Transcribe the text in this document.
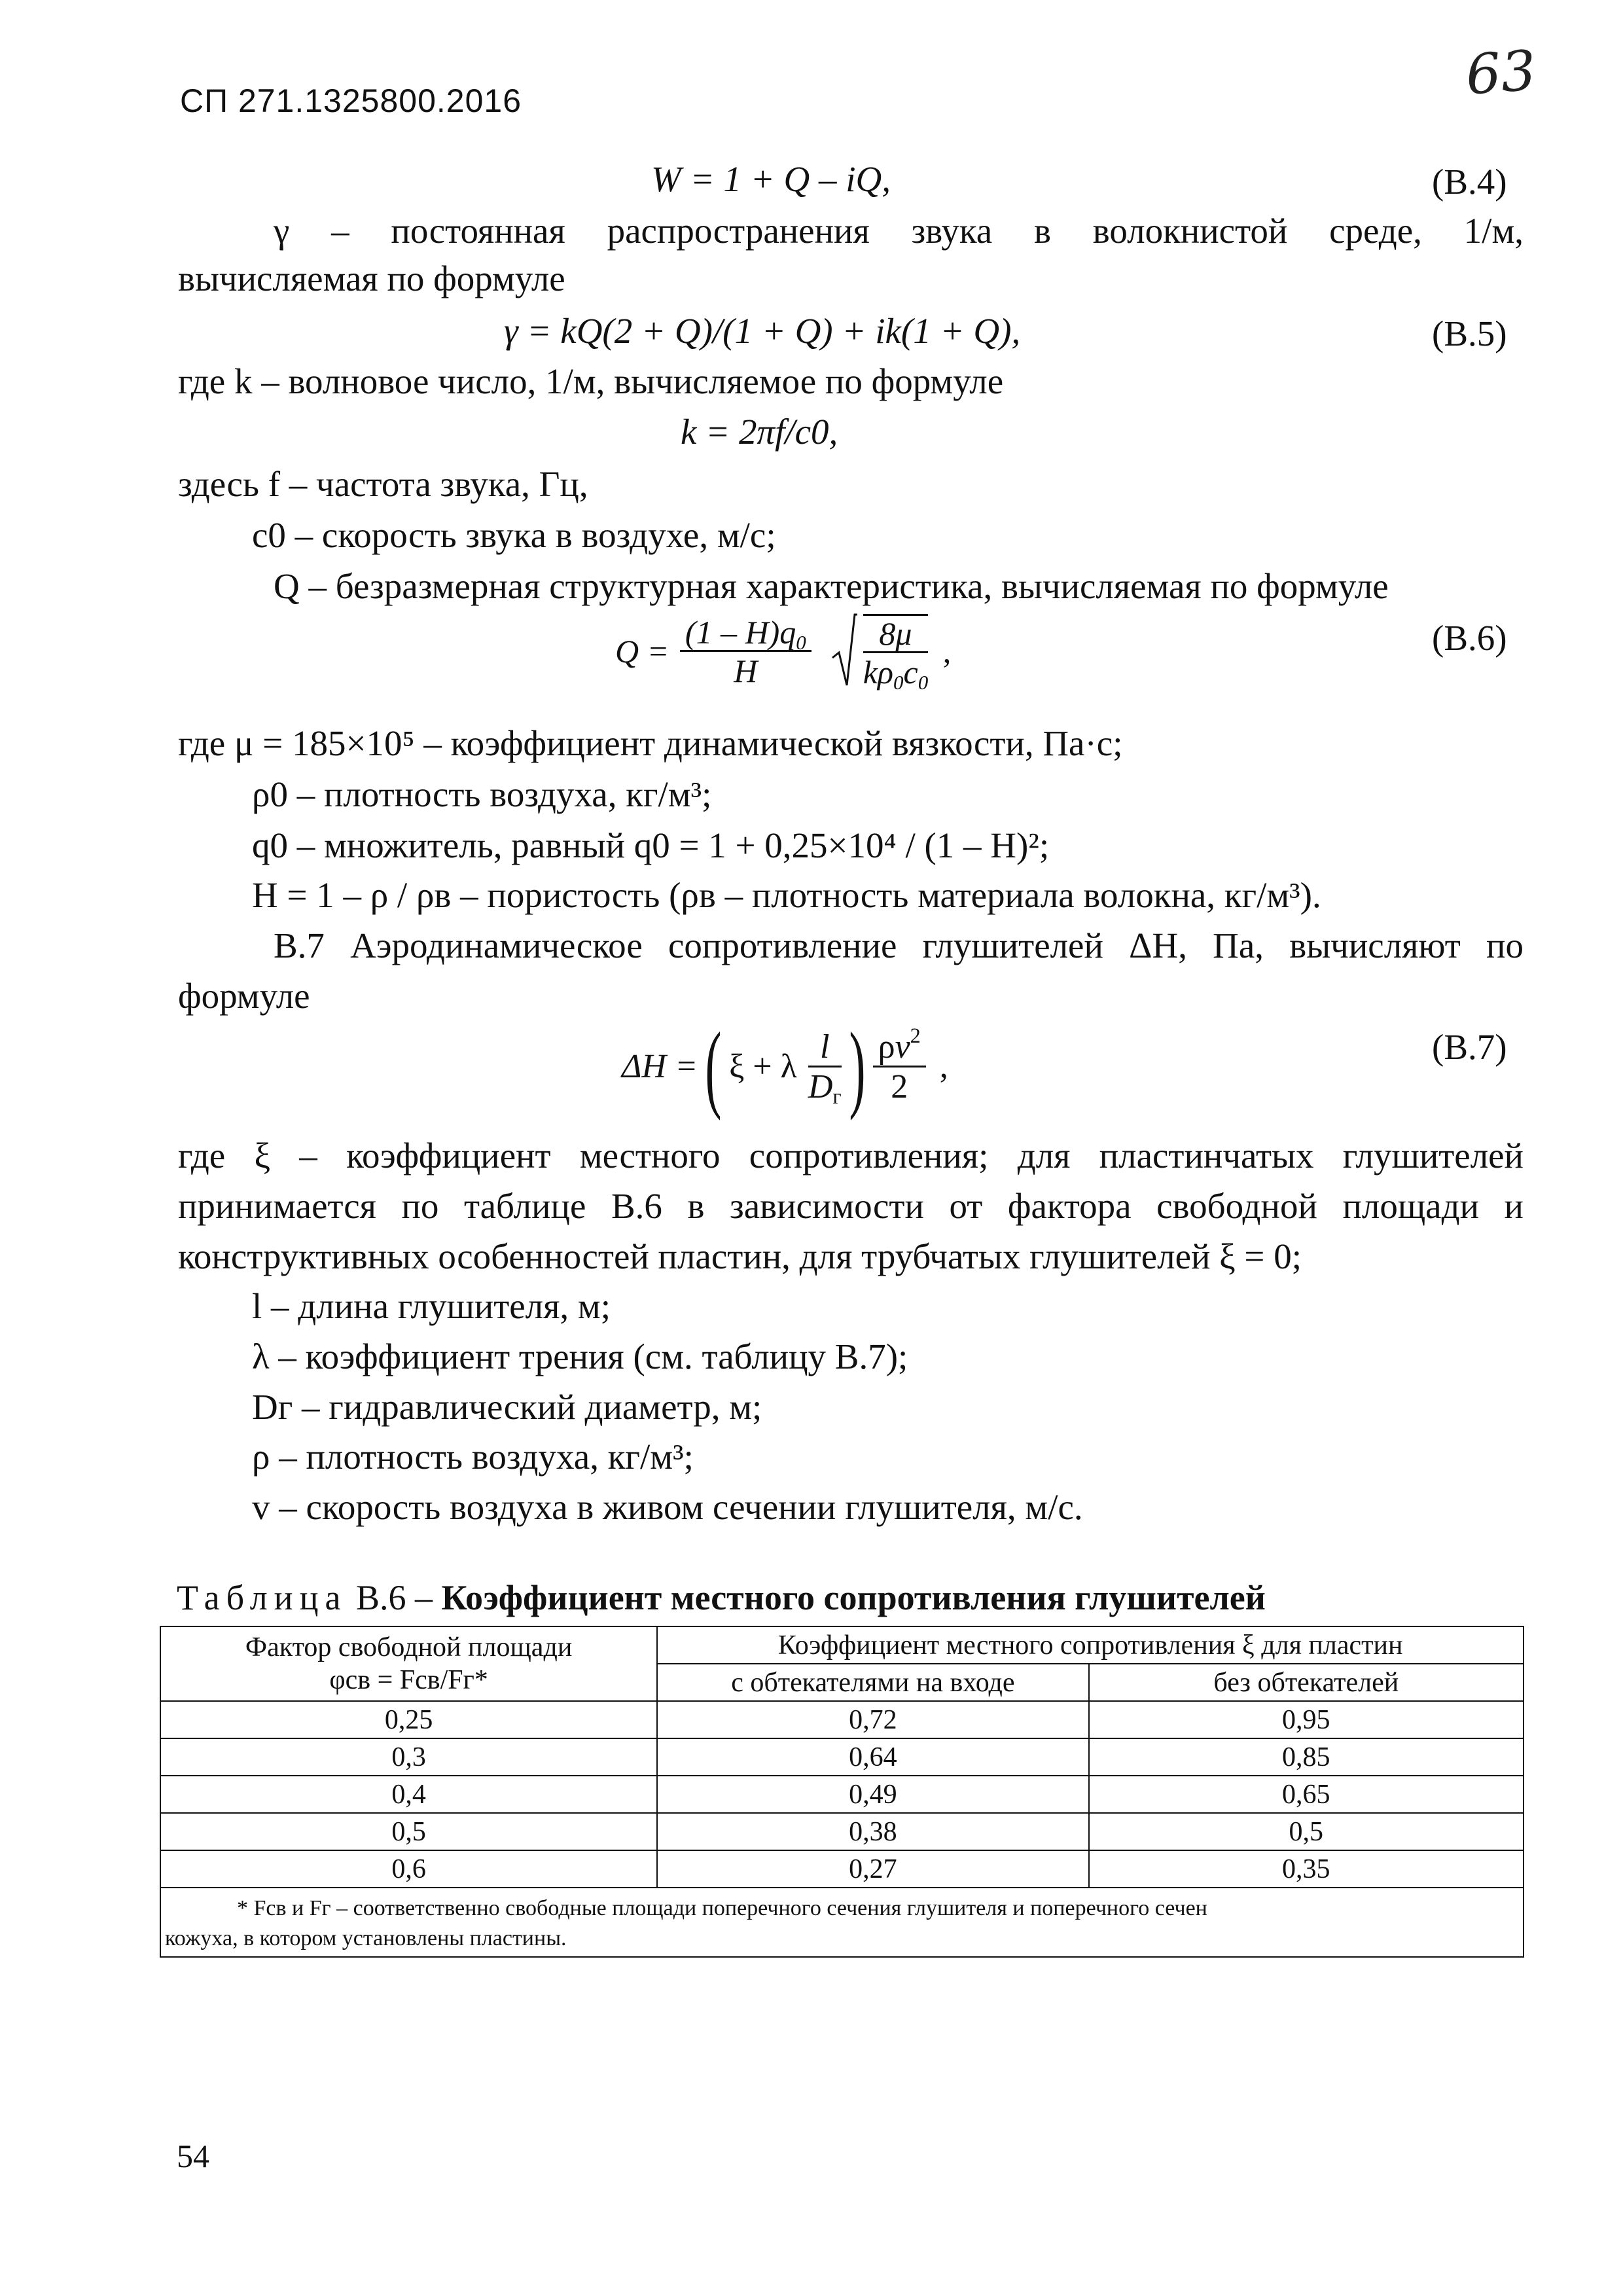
СП 271.1325800.2016	63
W = 1 + Q – iQ,	(В.4)
γ – постоянная распространения звука в волокнистой среде, 1/м,
вычисляемая по формуле
γ = kQ(2 + Q)/(1 + Q) + ik(1 + Q),	(В.5)
где k – волновое число, 1/м, вычисляемое по формуле
k = 2πf/c0,
здесь f – частота звука, Гц,
c0 – скорость звука в воздухе, м/с;
Q – безразмерная структурная характеристика, вычисляемая по формуле
$Q = \frac{(1 - H)q_0}{H}$
$\frac{8\mu}{k\rho_0c_0}$ ,	(В.6)
где μ = 185×10⁵ – коэффициент динамической вязкости, Па·с;
ρ0 – плотность воздуха, кг/м³;
q0 – множитель, равный q0 = 1 + 0,25×10⁴ / (1 – H)²;
H = 1 – ρ / ρв – пористость (ρв – плотность материала волокна, кг/м³).
В.7 Аэродинамическое сопротивление глушителей ΔH, Па, вычисляют по
формуле
ΔH = ( ξ + λ $\frac{l}{D_г}$ ) $\frac{\rho v^2}{2}$ ,	(В.7)
где ξ – коэффициент местного сопротивления; для пластинчатых глушителей
принимается по таблице В.6 в зависимости от фактора свободной площади и
конструктивных особенностей пластин, для трубчатых глушителей ξ = 0;
l – длина глушителя, м;
λ – коэффициент трения (см. таблицу В.7);
Dг – гидравлический диаметр, м;
ρ – плотность воздуха, кг/м³;
v – скорость воздуха в живом сечении глушителя, м/с.
Таблица В.6 – Коэффициент местного сопротивления глушителей
Фактор свободной площади
φсв = Fсв/Fг*	Коэффициент местного сопротивления ξ для пластин	
	с обтекателями на входе	без обтекателей
0,25	0,72	0,95
0,3	0,64	0,85
0,4	0,49	0,65
0,5	0,38	0,5
0,6	0,27	0,35

* Fсв и Fг – соответственно свободные площади поперечного сечения глушителя и поперечного сечен
кожуха, в котором установлены пластины.		
54
